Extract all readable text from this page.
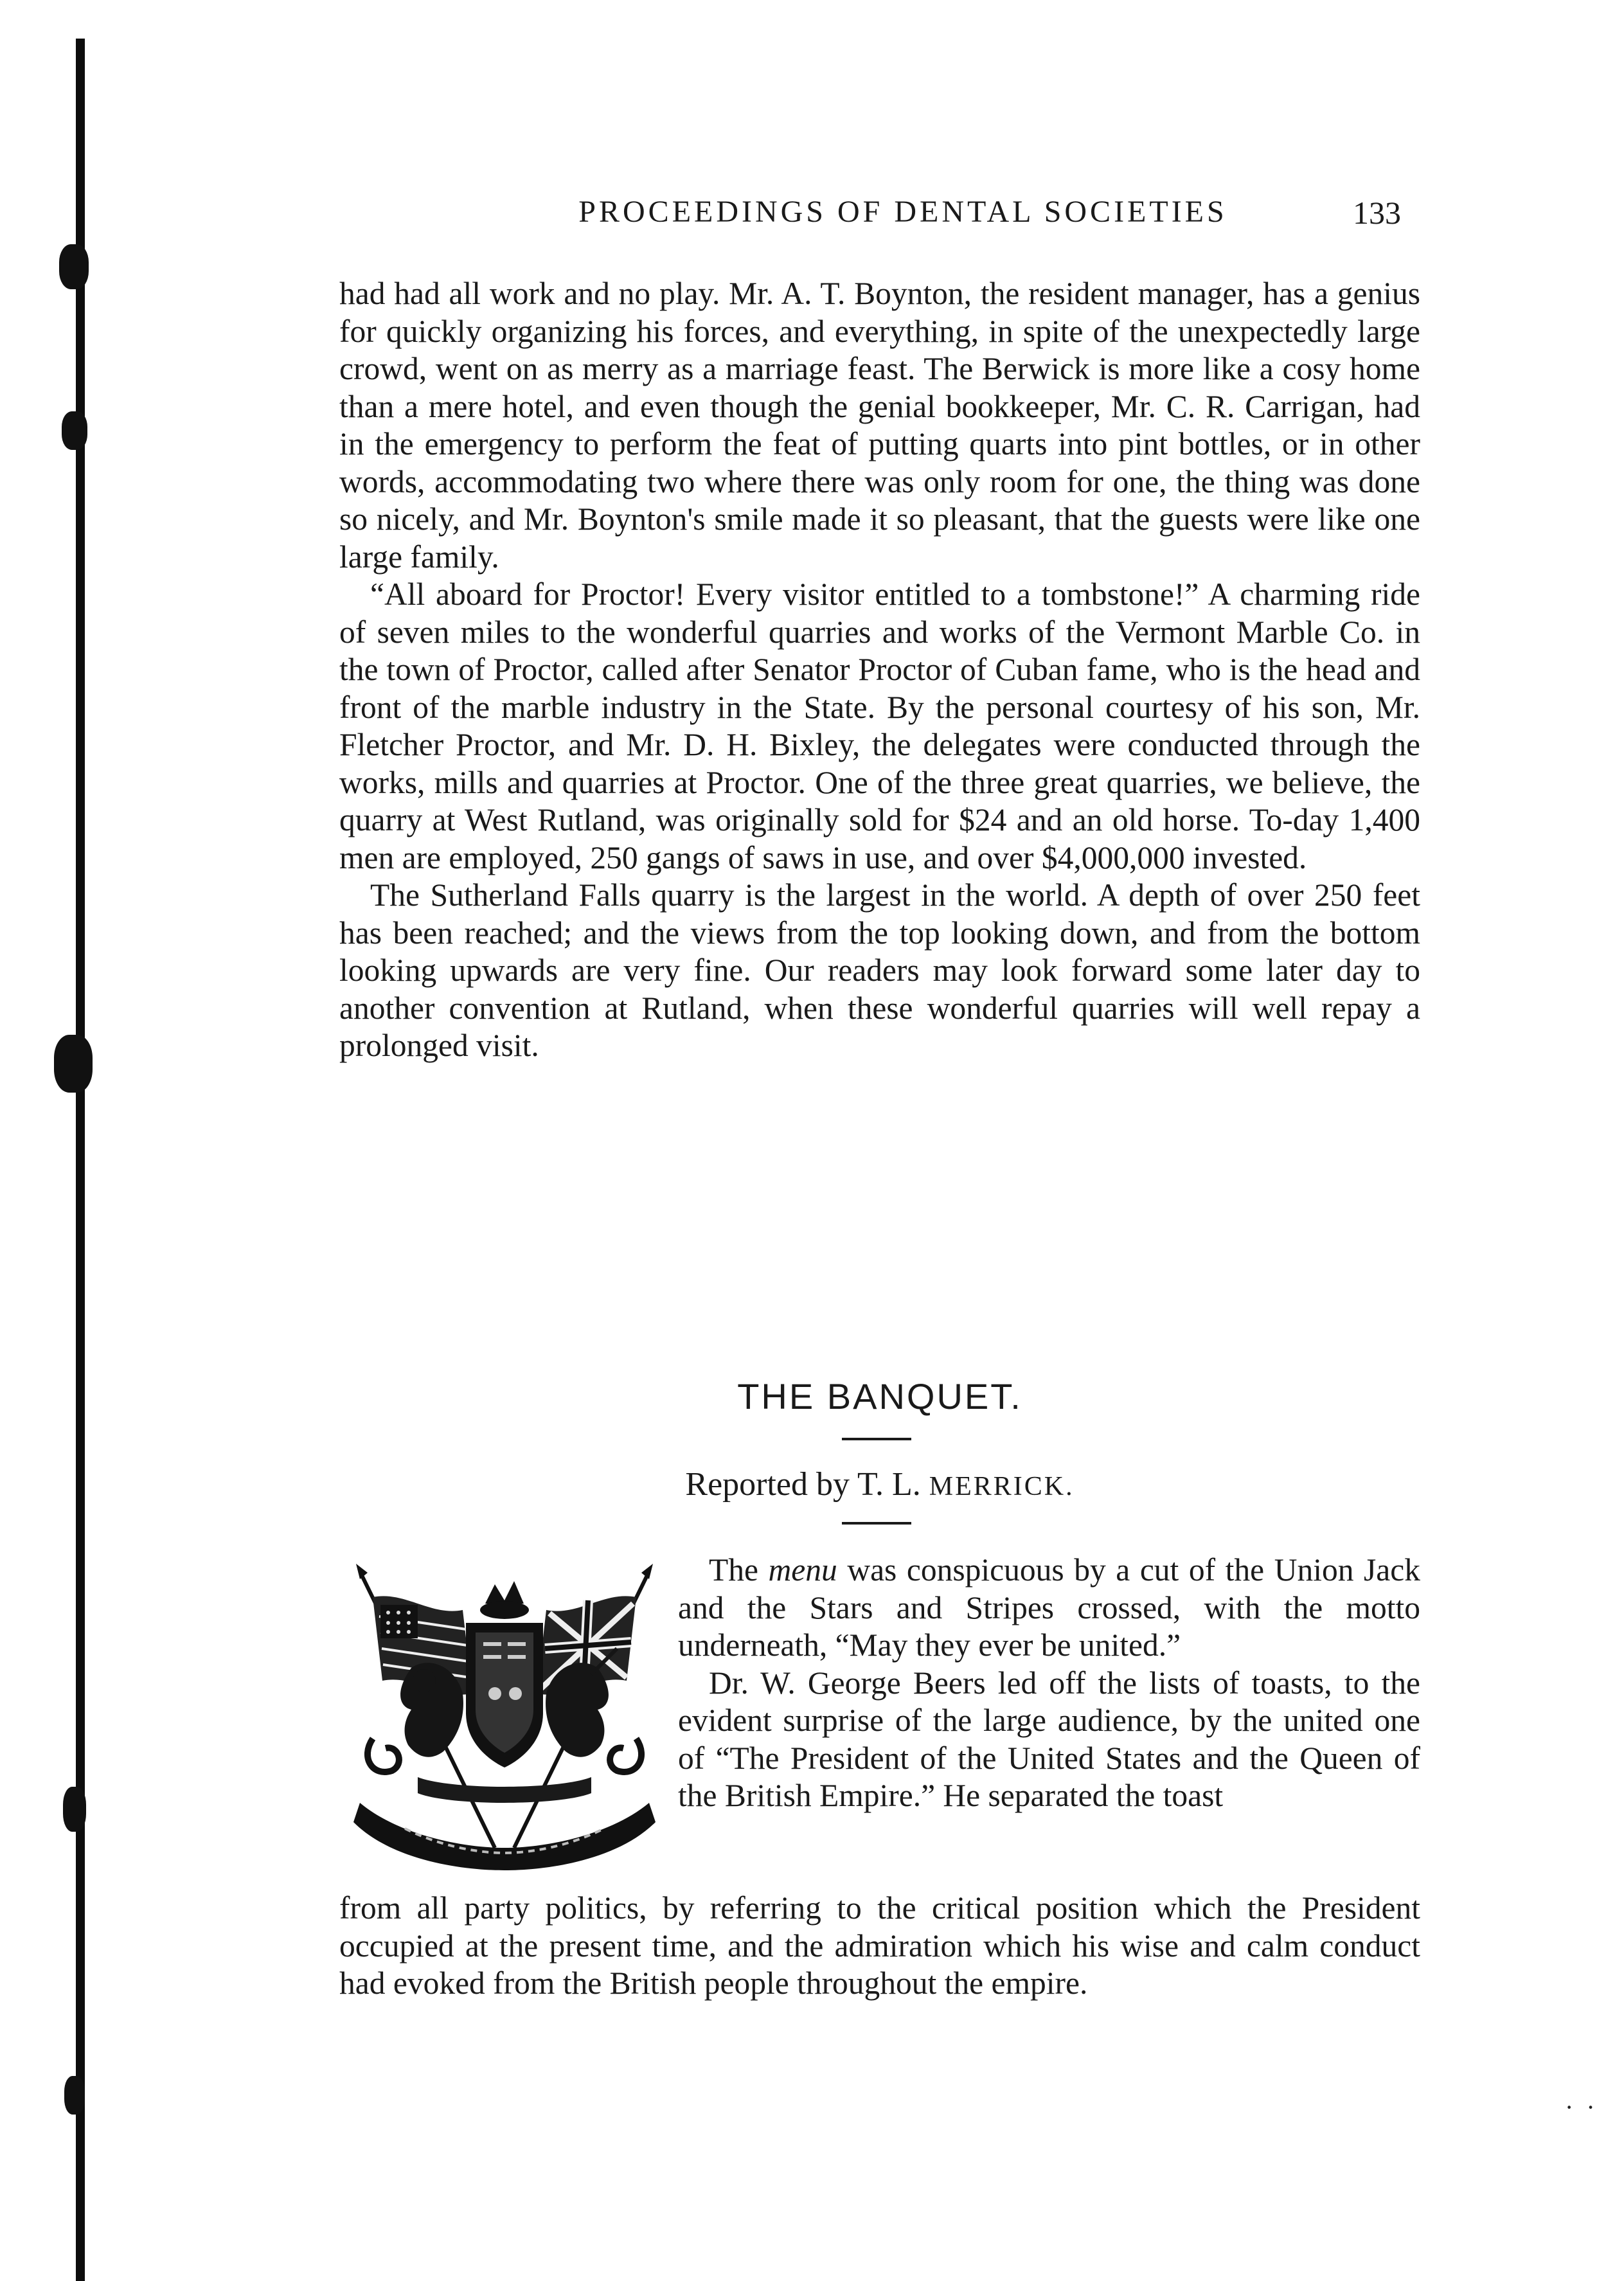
PROCEEDINGS OF DENTAL SOCIETIES	133

had had all work and no play. Mr. A. T. Boynton, the resident manager, has a genius for quickly organizing his forces, and everything, in spite of the unexpectedly large crowd, went on as merry as a marriage feast. The Berwick is more like a cosy home than a mere hotel, and even though the genial bookkeeper, Mr. C. R. Carrigan, had in the emergency to perform the feat of putting quarts into pint bottles, or in other words, accommodating two where there was only room for one, the thing was done so nicely, and Mr. Boynton's smile made it so pleasant, that the guests were like one large family.

“All aboard for Proctor! Every visitor entitled to a tombstone!” A charming ride of seven miles to the wonderful quarries and works of the Vermont Marble Co. in the town of Proctor, called after Senator Proctor of Cuban fame, who is the head and front of the marble industry in the State. By the personal courtesy of his son, Mr. Fletcher Proctor, and Mr. D. H. Bixley, the delegates were conducted through the works, mills and quarries at Proctor. One of the three great quarries, we believe, the quarry at West Rutland, was originally sold for $24 and an old horse. To-day 1,400 men are employed, 250 gangs of saws in use, and over $4,000,000 invested.

The Sutherland Falls quarry is the largest in the world. A depth of over 250 feet has been reached; and the views from the top looking down, and from the bottom looking upwards are very fine. Our readers may look forward some later day to another convention at Rutland, when these wonderful quarries will well repay a prolonged visit.

THE BANQUET.
Reported by T. L. MERRICK.

The menu was conspicuous by a cut of the Union Jack and the Stars and Stripes crossed, with the motto underneath, “May they ever be united.”

Dr. W. George Beers led off the lists of toasts, to the evident surprise of the large audience, by the united one of “The President of the United States and the Queen of the British Empire.” He separated the toast

from all party politics, by referring to the critical position which the President occupied at the present time, and the admiration which his wise and calm conduct had evoked from the British people throughout the empire.

·  ·
